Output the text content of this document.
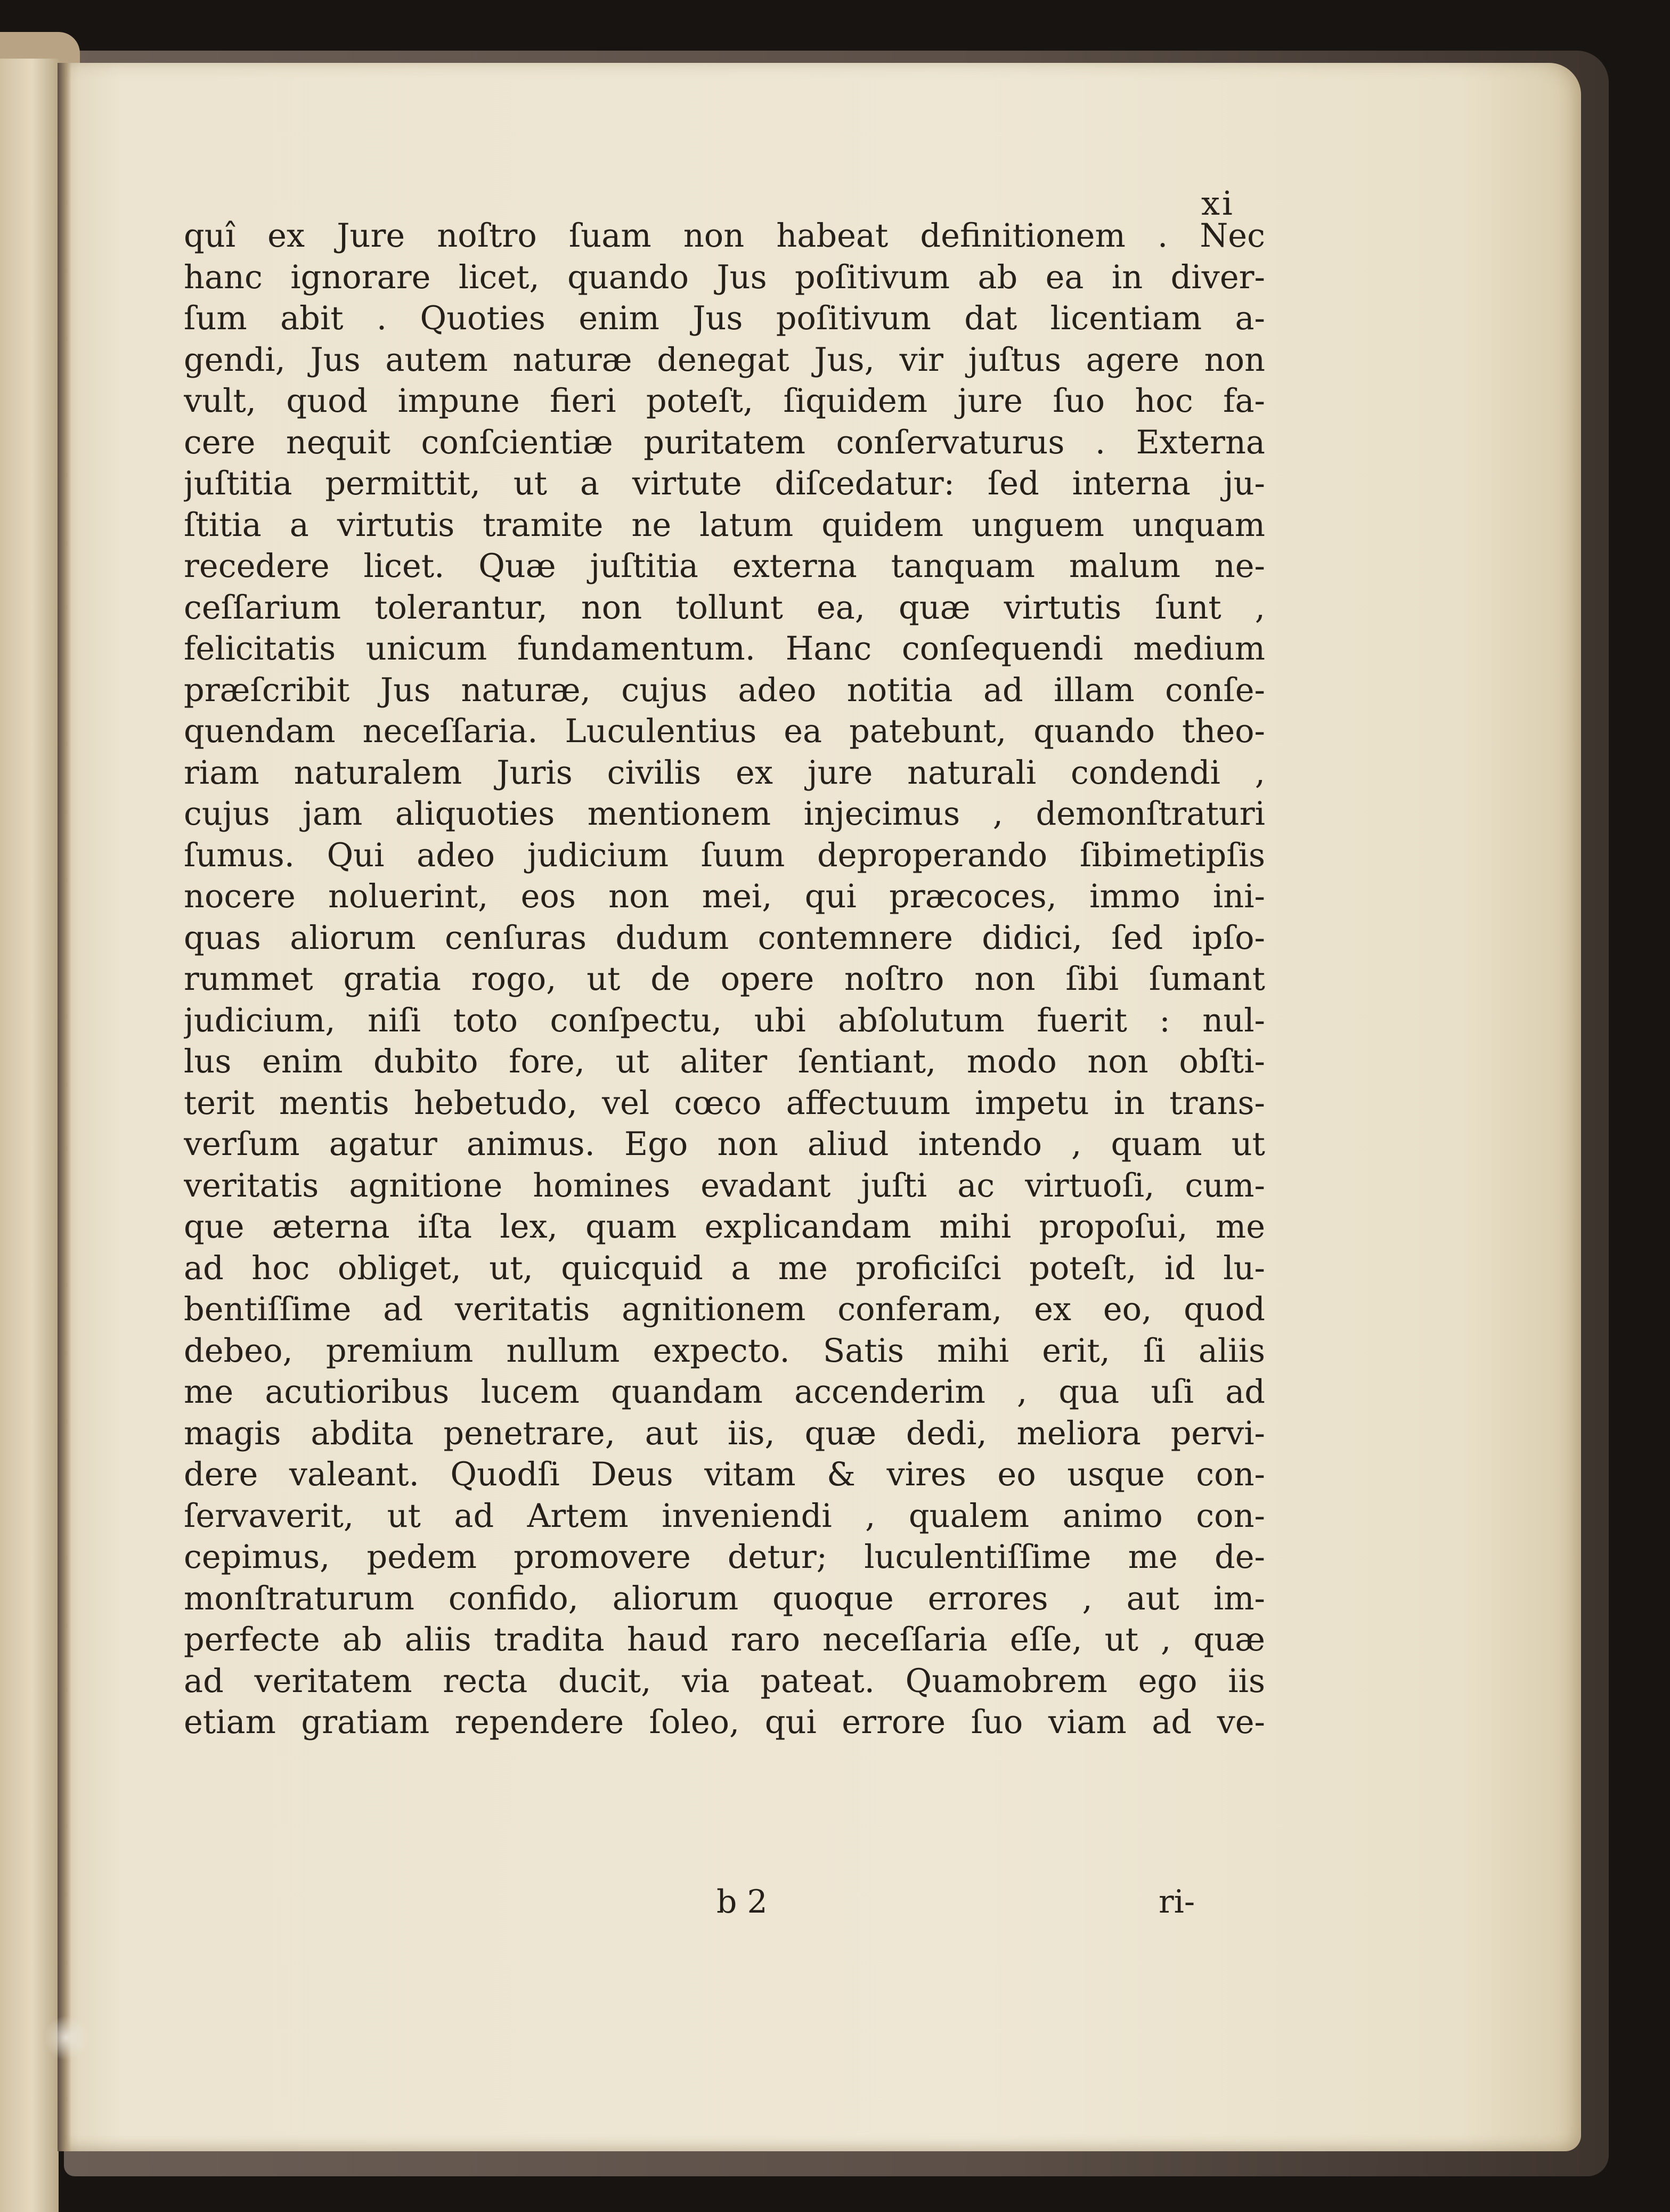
xi
quî ex Jure noſtro ſuam non habeat definitionem . Nec
hanc ignorare licet, quando Jus poſitivum ab ea in diver-
ſum abit . Quoties enim Jus poſitivum dat licentiam a-
gendi, Jus autem naturæ denegat Jus, vir juſtus agere non
vult, quod impune fieri poteſt, ſiquidem jure ſuo hoc fa-
cere nequit conſcientiæ puritatem conſervaturus . Externa
juſtitia permittit, ut a virtute diſcedatur: ſed interna ju-
ſtitia a virtutis tramite ne latum quidem unguem unquam
recedere licet. Quæ juſtitia externa tanquam malum ne-
ceſſarium tolerantur, non tollunt ea, quæ virtutis ſunt ,
felicitatis unicum fundamentum. Hanc conſequendi medium
præſcribit Jus naturæ, cujus adeo notitia ad illam conſe-
quendam neceſſaria. Luculentius ea patebunt, quando theo-
riam naturalem Juris civilis ex jure naturali condendi ,
cujus jam aliquoties mentionem injecimus , demonſtraturi
ſumus. Qui adeo judicium ſuum deproperando ſibimetipſis
nocere noluerint, eos non mei, qui præcoces, immo ini-
quas aliorum cenſuras dudum contemnere didici, ſed ipſo-
rummet gratia rogo, ut de opere noſtro non ſibi ſumant
judicium, niſi toto conſpectu, ubi abſolutum fuerit : nul-
lus enim dubito fore, ut aliter ſentiant, modo non obſti-
terit mentis hebetudo, vel cœco affectuum impetu in trans-
verſum agatur animus. Ego non aliud intendo , quam ut
veritatis agnitione homines evadant juſti ac virtuoſi, cum-
que æterna iſta lex, quam explicandam mihi propoſui, me
ad hoc obliget, ut, quicquid a me proficiſci poteſt, id lu-
bentiſſime ad veritatis agnitionem conferam, ex eo, quod
debeo, premium nullum expecto. Satis mihi erit, ſi aliis
me acutioribus lucem quandam accenderim , qua uſi ad
magis abdita penetrare, aut iis, quæ dedi, meliora pervi-
dere valeant. Quodſi Deus vitam & vires eo usque con-
ſervaverit, ut ad Artem inveniendi , qualem animo con-
cepimus, pedem promovere detur; luculentiſſime me de-
monſtraturum confido, aliorum quoque errores , aut im-
perfecte ab aliis tradita haud raro neceſſaria eſſe, ut , quæ
ad veritatem recta ducit, via pateat. Quamobrem ego iis
etiam gratiam rependere ſoleo, qui errore ſuo viam ad ve-
b 2	ri-
